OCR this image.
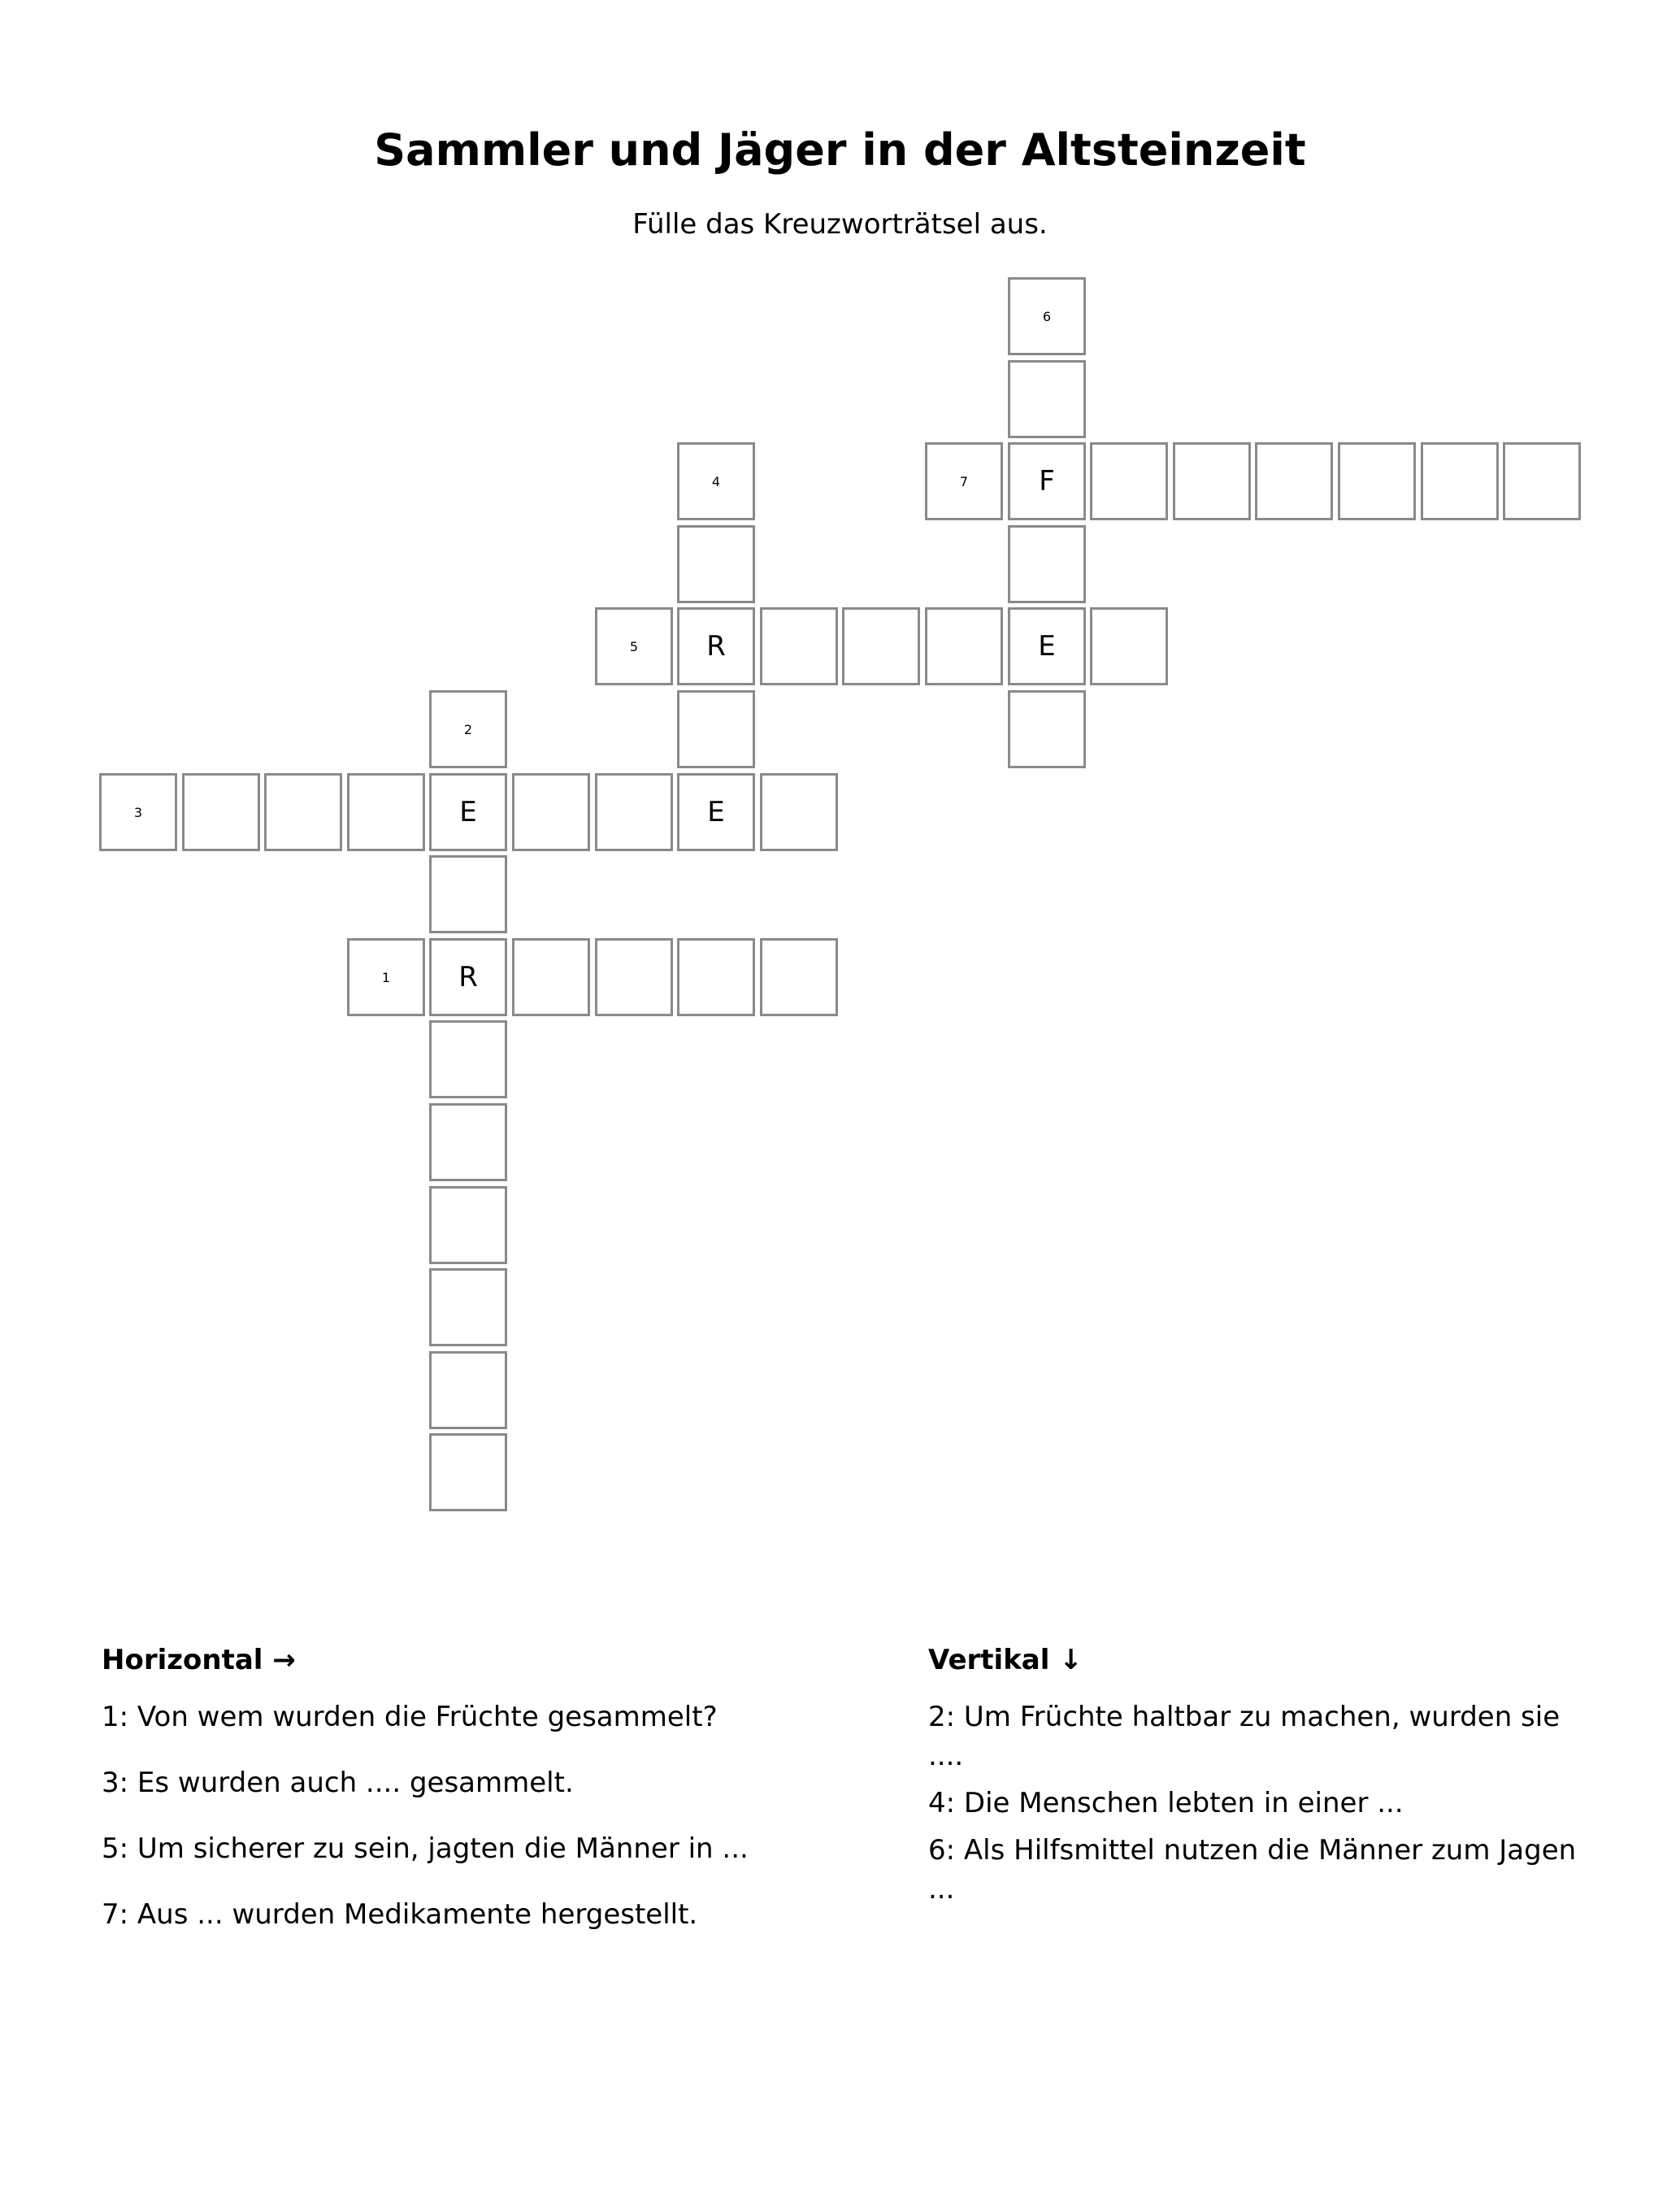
Sammler und Jäger in der Altsteinzeit

Fülle das Kreuzworträtsel aus.

6
4	7	F
5	R	E
2
3	E	E
1	R
Horizontal →

1: Von wem wurden die Früchte gesammelt?

3: Es wurden auch .... gesammelt.

5: Um sicherer zu sein, jagten die Männer in ...

7: Aus ... wurden Medikamente hergestellt.

Vertikal ↓

2: Um Früchte haltbar zu machen, wurden sie ....

4: Die Menschen lebten in einer ...

6: Als Hilfsmittel nutzen die Männer zum Jagen ...
